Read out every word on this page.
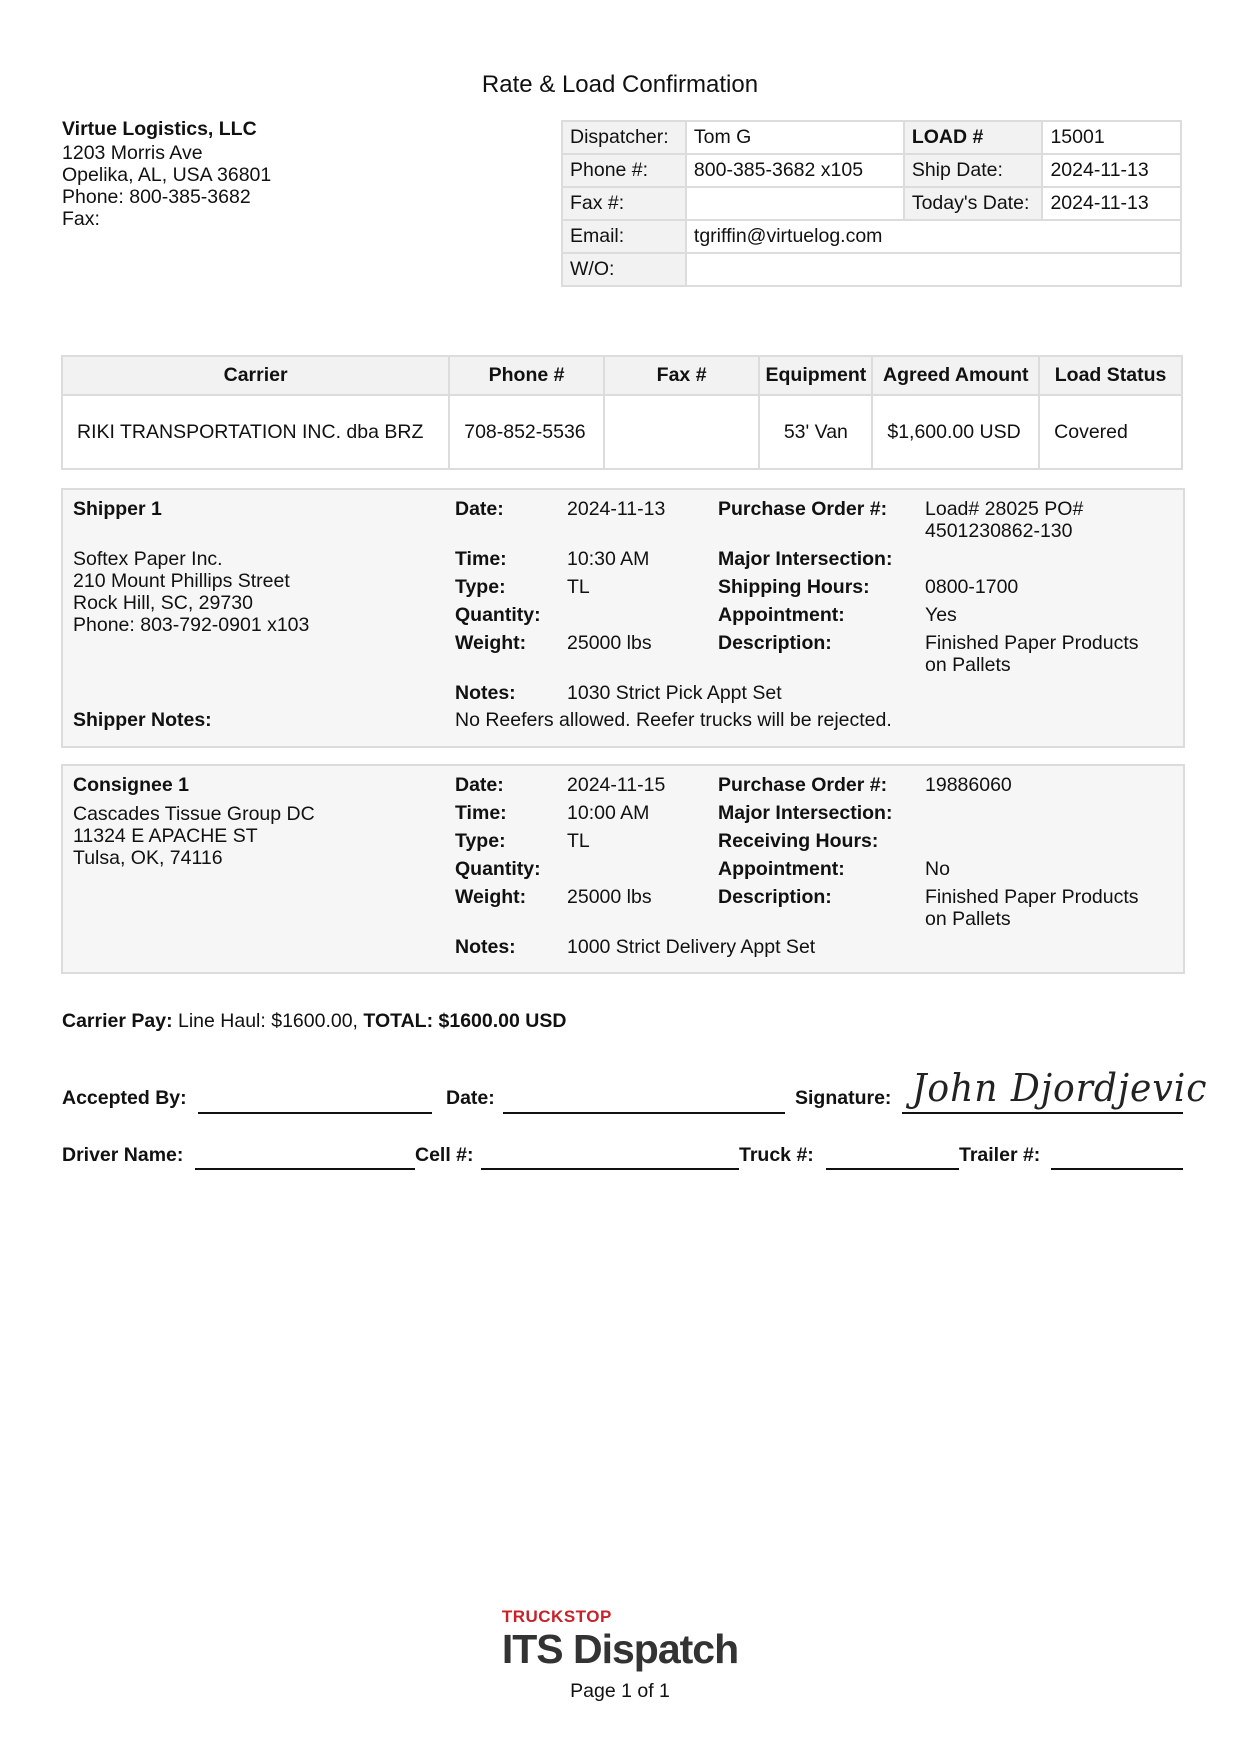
Rate & Load Confirmation
Virtue Logistics, LLC
1203 Morris Ave
Opelika, AL, USA 36801
Phone: 800-385-3682
Fax:
Dispatcher:	Tom G	LOAD #	15001
Phone #:	800-385-3682 x105	Ship Date:	2024-11-13
Fax #:		Today's Date:	2024-11-13
Email:	tgriffin@virtuelog.com		
W/O:			
Carrier	Phone #	Fax #	Equipment	Agreed Amount	Load Status
RIKI TRANSPORTATION INC. dba BRZ	708-852-5536		53' Van	$1,600.00 USD	Covered
Shipper 1
Softex Paper Inc.
210 Mount Phillips Street
Rock Hill, SC, 29730
Phone: 803-792-0901 x103
Date:	2024-11-13
Time:	10:30 AM
Type:	TL
Quantity:
Weight: 25000 lbs
Notes:	1030 Strict Pick Appt Set
Purchase Order #: Load# 28025 PO# 4501230862-130
Major Intersection:
Shipping Hours:	0800-1700
Appointment:	Yes
Description:	Finished Paper Products on Pallets
Shipper Notes:	No Reefers allowed. Reefer trucks will be rejected.
Consignee 1
Cascades Tissue Group DC
11324 E APACHE ST
Tulsa, OK, 74116
Date:	2024-11-15
Time:	10:00 AM
Type:	TL
Quantity:
Weight: 25000 lbs
Notes:	1000 Strict Delivery Appt Set
Purchase Order #: 19886060
Major Intersection:
Receiving Hours:
Appointment:	No
Description:	Finished Paper Products on Pallets
Carrier Pay: Line Haul: $1600.00, TOTAL: $1600.00 USD
Accepted By:	Date:	Signature: John Djordjevic
Driver Name:	Cell #:	Truck #:	Trailer #:
TRUCKSTOP
ITS Dispatch
Page 1 of 1
